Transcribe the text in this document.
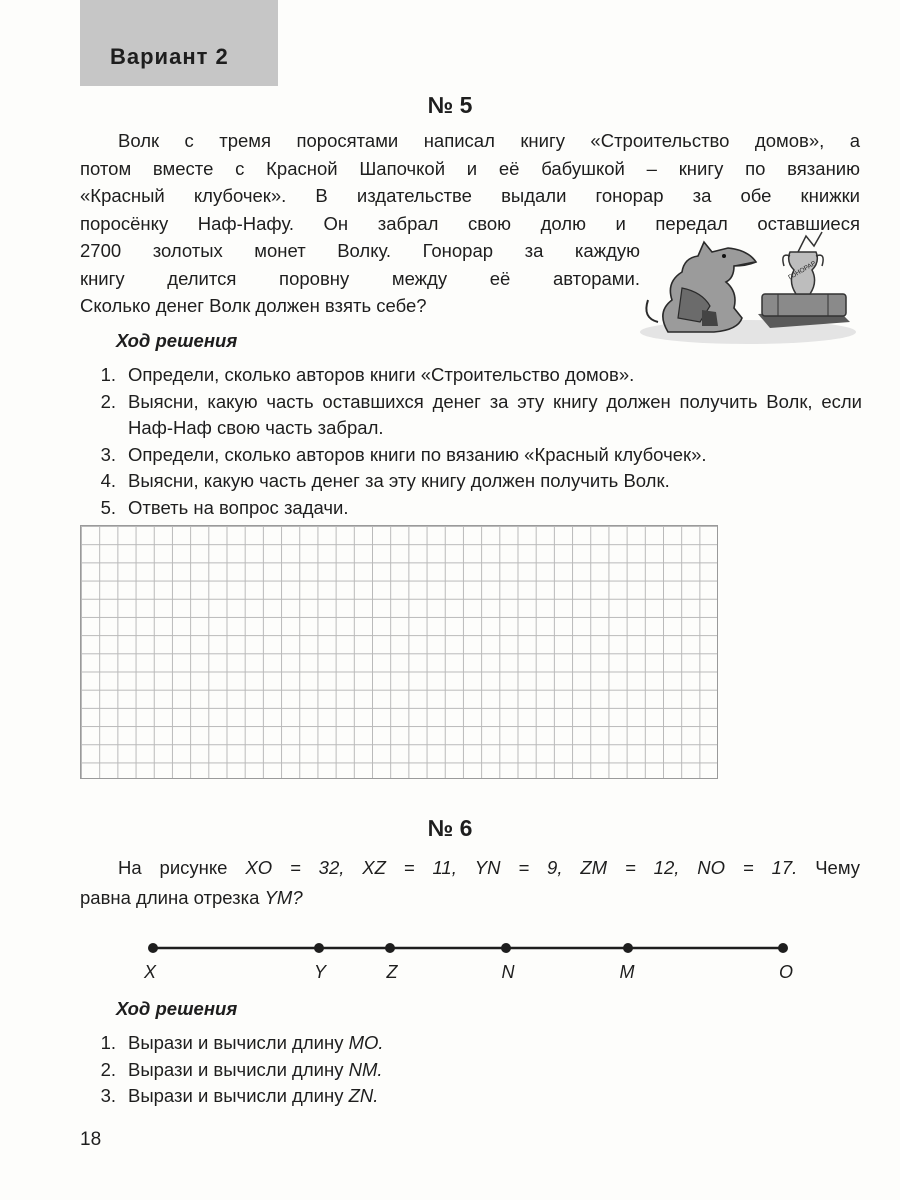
Вариант 2
№ 5
Волк с тремя поросятами написал книгу «Строительство домов», а
потом вместе с Красной Шапочкой и её бабушкой – книгу по вязанию
«Красный клубочек». В издательстве выдали гонорар за обе книжки
поросёнку Наф-Нафу. Он забрал свою долю и передал оставшиеся
2700 золотых монет Волку. Гонорар за каждую
книгу делится поровну между её авторами.
Сколько денег Волк должен взять себе?
ГОНОРАР
Ход решения
1. Определи, сколько авторов книги «Строительство домов».
2. Выясни, какую часть оставшихся денег за эту книгу должен получить Волк, если Наф-Наф свою часть забрал.
3. Определи, сколько авторов книги по вязанию «Красный клубочек».
4. Выясни, какую часть денег за эту книгу должен получить Волк.
5. Ответь на вопрос задачи.
№ 6
На рисунке XO = 32, XZ = 11, YN = 9, ZM = 12, NO = 17. Чему
равна длина отрезка YM?
X	Y	Z	N	M	O
Ход решения
1. Вырази и вычисли длину MO.
2. Вырази и вычисли длину NM.
3. Вырази и вычисли длину ZN.
18
